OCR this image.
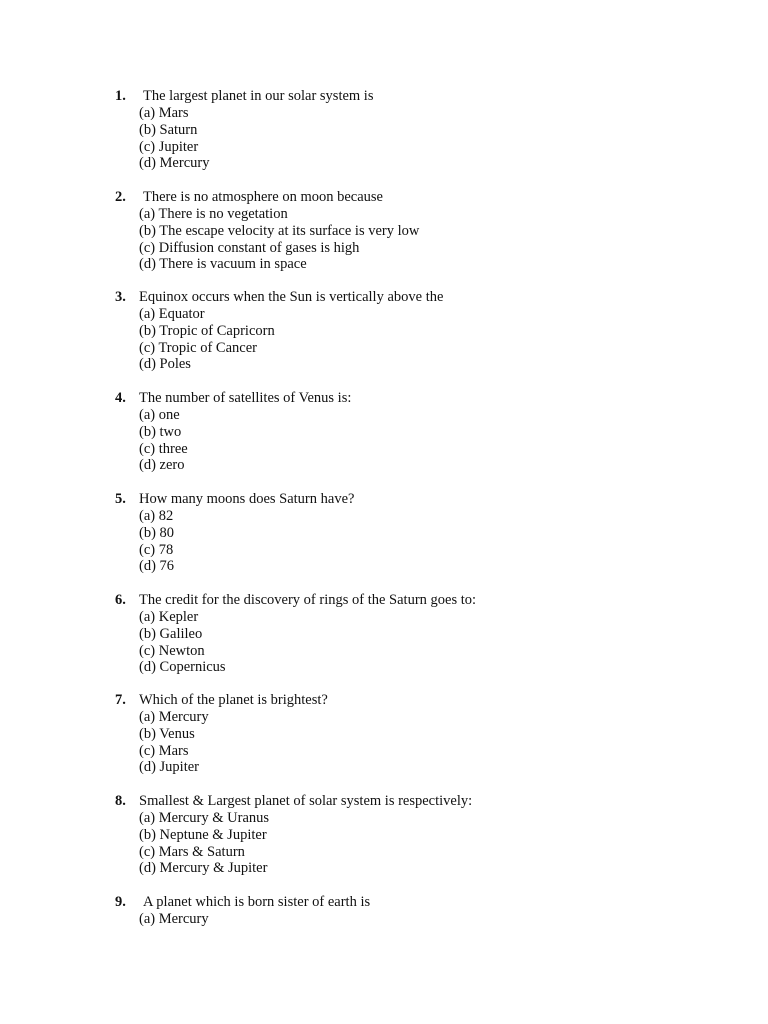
1. The largest planet in our solar system is
(a) Mars
(b) Saturn
(c) Jupiter
(d) Mercury
2. There is no atmosphere on moon because
(a) There is no vegetation
(b) The escape velocity at its surface is very low
(c) Diffusion constant of gases is high
(d) There is vacuum in space
3. Equinox occurs when the Sun is vertically above the
(a) Equator
(b) Tropic of Capricorn
(c) Tropic of Cancer
(d) Poles
4. The number of satellites of Venus is:
(a) one
(b) two
(c) three
(d) zero
5. How many moons does Saturn have?
(a) 82
(b) 80
(c) 78
(d) 76
6. The credit for the discovery of rings of the Saturn goes to:
(a) Kepler
(b) Galileo
(c) Newton
(d) Copernicus
7. Which of the planet is brightest?
(a) Mercury
(b) Venus
(c) Mars
(d) Jupiter
8. Smallest & Largest planet of solar system is respectively:
(a) Mercury & Uranus
(b) Neptune & Jupiter
(c) Mars & Saturn
(d) Mercury & Jupiter
9. A planet which is born sister of earth is
(a) Mercury
